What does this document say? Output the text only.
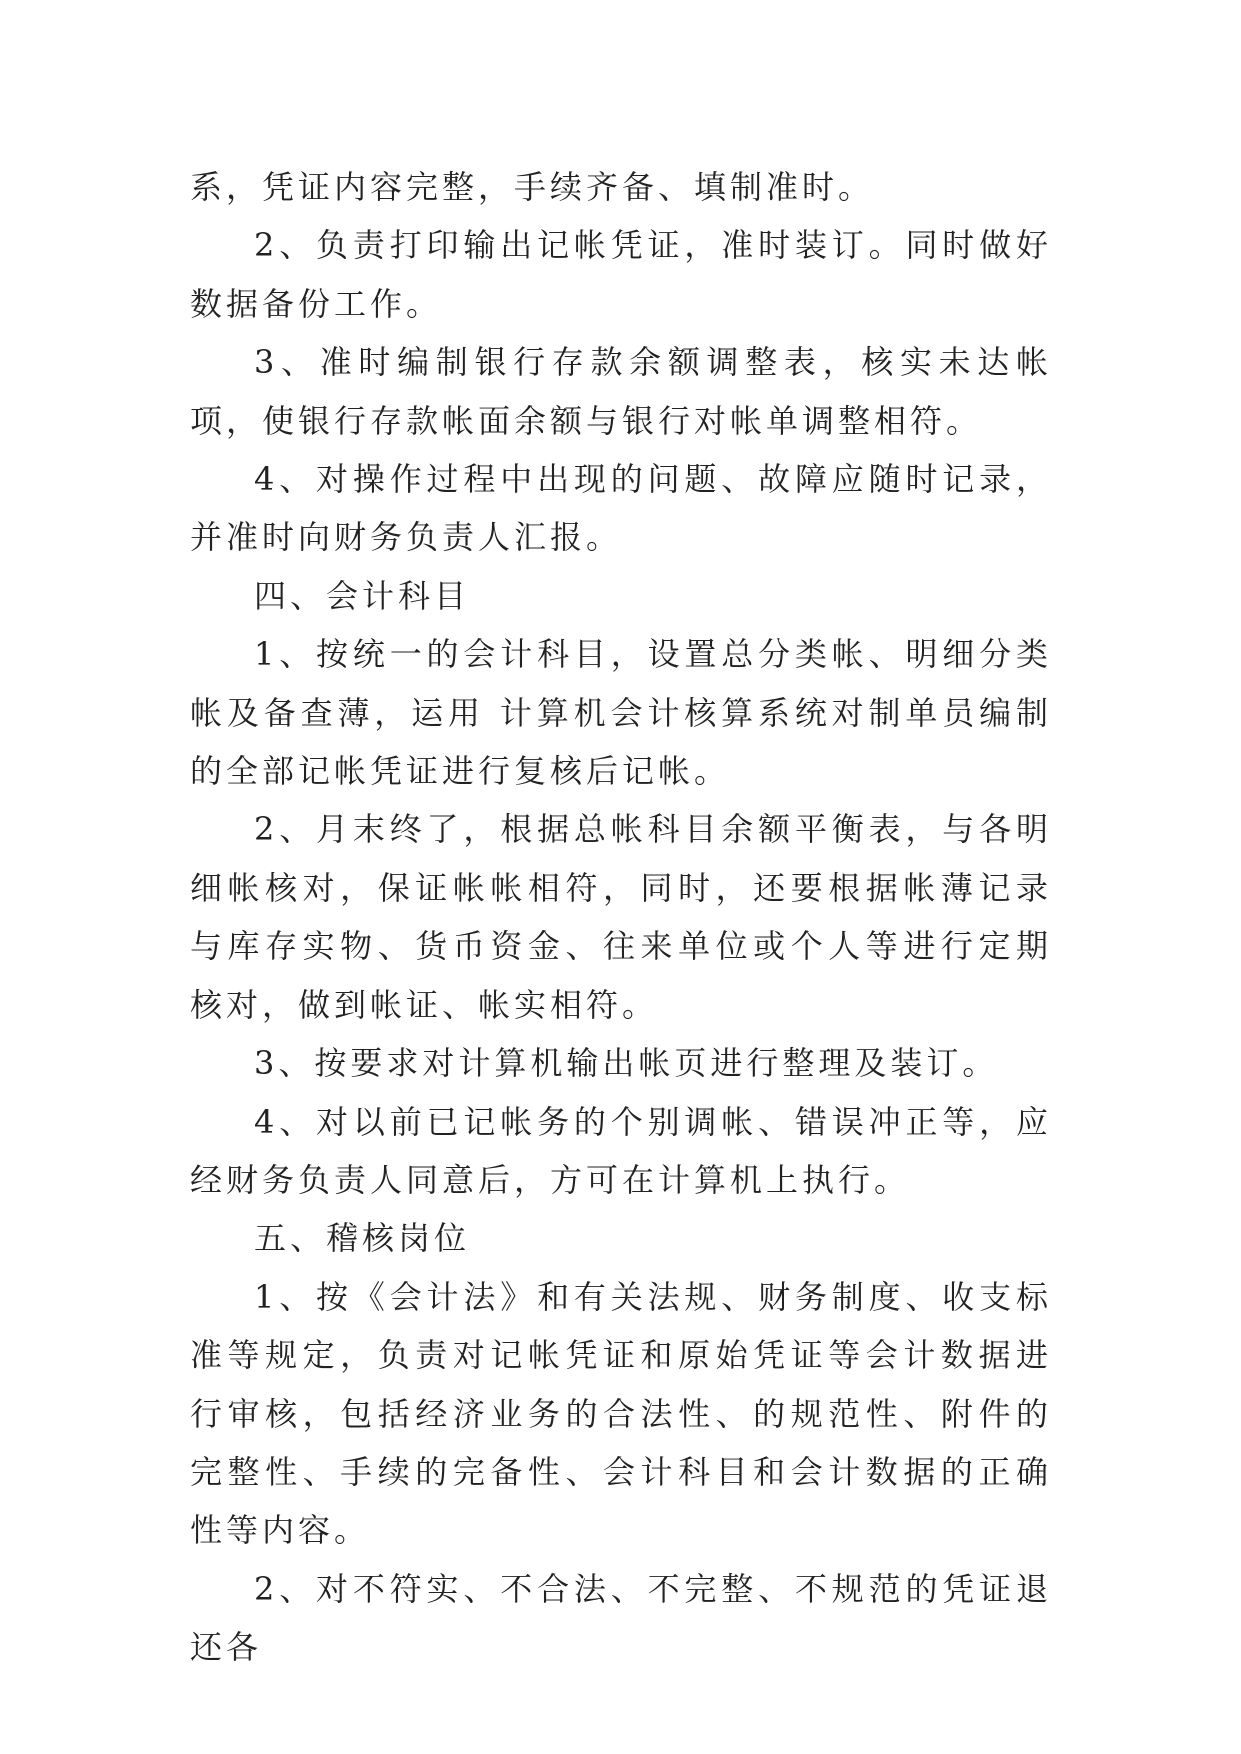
系，凭证内容完整，手续齐备、填制准时。

2、负责打印输出记帐凭证，准时装订。同时做好数据备份工作。

3、准时编制银行存款余额调整表，核实未达帐项，使银行存款帐面余额与银行对帐单调整相符。

4、对操作过程中出现的问题、故障应随时记录，并准时向财务负责人汇报。

四、会计科目

1、按统一的会计科目，设置总分类帐、明细分类帐及备查薄，运用 计算机会计核算系统对制单员编制的全部记帐凭证进行复核后记帐。

2、月末终了，根据总帐科目余额平衡表，与各明细帐核对，保证帐帐相符，同时，还要根据帐薄记录与库存实物、货币资金、往来单位或个人等进行定期核对，做到帐证、帐实相符。

3、按要求对计算机输出帐页进行整理及装订。

4、对以前已记帐务的个别调帐、错误冲正等，应经财务负责人同意后，方可在计算机上执行。

五、稽核岗位

1、按《会计法》和有关法规、财务制度、收支标准等规定，负责对记帐凭证和原始凭证等会计数据进行审核，包括经济业务的合法性、的规范性、附件的完整性、手续的完备性、会计科目和会计数据的正确性等内容。

2、对不符实、不合法、不完整、不规范的凭证退还各
